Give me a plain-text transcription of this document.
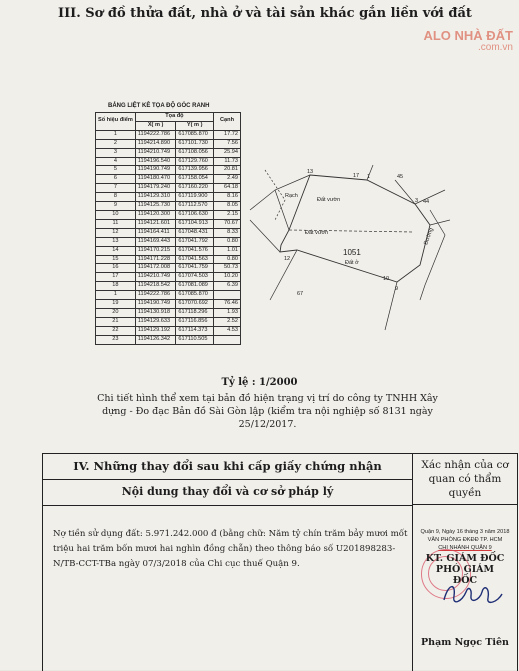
III. Sơ đồ thửa đất, nhà ở và tài sản khác gắn liền với đất
ALO NHÀ ĐẤT
.com.vn
BẢNG LIỆT KÊ TỌA ĐỘ GÓC RANH
Số hiệu điểm	Tọa độ		Cạnh
	X( m )	Y( m )	
1	1194222.786	617085.870	17.72
2	1194214.890	617101.730	7.56
3	1194210.749	617108.056	25.94
4	1194196.540	617129.760	11.73
5	1194190.749	617139.956	20.81
6	1194180.470	617158.054	2.49
7	1194179.240	617160.220	64.18
8	1194129.310	617119.900	8.16
9	1194125.730	617112.570	8.05
10	1194120.300	617106.630	2.15
11	1194121.601	617104.913	70.67
12	1194164.411	617048.431	8.33
13	1194169.443	617041.792	0.80
14	1194170.215	617041.576	1.01
15	1194171.228	617041.563	0.80
16	1194172.008	617041.759	50.73
17	1194210.749	617074.503	10.20
18	1194218.542	617081.089	6.39
1	1194222.786	617085.870	
19	1194190.749	617070.692	76.46
20	1194130.918	617118.296	1.93
21	1194129.633	617116.856	2.52
22	1194129.192	617114.373	4.53
23	1194126.342	617110.505	
1051
Đất ở
Đất vườn
Đất vườn
Rạch
Đường
45
44
67
1
3
9
10
12
13
17
Tỷ lệ : 1/2000
Chi tiết hình thể xem tại bản đồ hiện trạng vị trí do công ty TNHH Xây dựng - Đo đạc Bản đồ Sài Gòn lập (kiểm tra nội nghiệp số 8131 ngày 25/12/2017.
IV. Những thay đổi sau khi cấp giấy chứng nhận
Nội dung thay đổi và cơ sở pháp lý
Xác nhận của cơ quan có thẩm quyền
Nợ tiền sử dụng đất: 5.971.242.000 đ (bằng chữ: Năm tỷ chín trăm bảy mươi mốt triệu hai trăm bốn mươi hai nghìn đồng chẵn) theo thông báo số U201898283-N/TB-CCT-TBa ngày 07/3/2018 của Chi cục thuế Quận 9.
Quận 9, Ngày 16 tháng 3 năm 2018
VĂN PHÒNG ĐKĐĐ TP. HCM
CHI NHÁNH QUẬN 9
KT. GIÁM ĐỐC
PHÓ GIÁM ĐỐC
Phạm Ngọc Tiên
